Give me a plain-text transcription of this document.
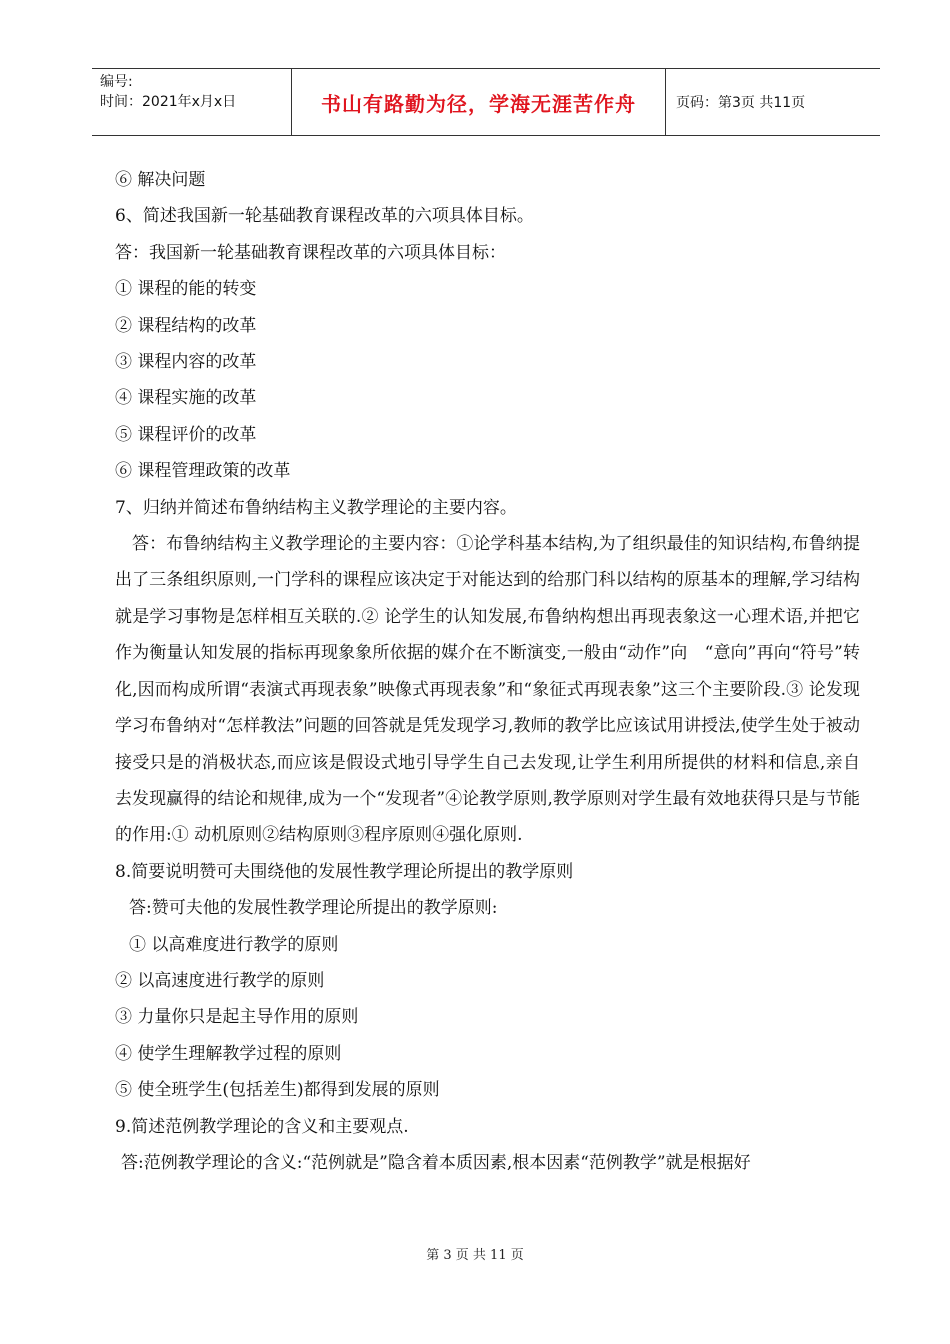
编号:
时间：2021年x月x日	书山有路勤为径，学海无涯苦作舟	页码：第3页 共11页

⑥ 解决问题

6、简述我国新一轮基础教育课程改革的六项具体目标。

答：我国新一轮基础教育课程改革的六项具体目标：

① 课程的能的转变

② 课程结构的改革

③ 课程内容的改革

④ 课程实施的改革

⑤ 课程评价的改革

⑥ 课程管理政策的改革

7、归纳并简述布鲁纳结构主义教学理论的主要内容。

答：布鲁纳结构主义教学理论的主要内容：①论学科基本结构,为了组织最佳的知识结构,布鲁纳提出了三条组织原则,一门学科的课程应该决定于对能达到的给那门科以结构的原基本的理解,学习结构就是学习事物是怎样相互关联的.② 论学生的认知发展,布鲁纳构想出再现表象这一心理术语,并把它作为衡量认知发展的指标再现象象所依据的媒介在不断演变,一般由“动作”向　“意向”再向“符号”转化,因而构成所谓“表演式再现表象”映像式再现表象”和“象征式再现表象”这三个主要阶段.③ 论发现学习布鲁纳对“怎样教法”问题的回答就是凭发现学习,教师的教学比应该试用讲授法,使学生处于被动接受只是的消极状态,而应该是假设式地引导学生自己去发现,让学生利用所提供的材料和信息,亲自去发现赢得的结论和规律,成为一个“发现者”④论教学原则,教学原则对学生最有效地获得只是与节能的作用:① 动机原则②结构原则③程序原则④强化原则.

8.简要说明赞可夫围绕他的发展性教学理论所提出的教学原则

答:赞可夫他的发展性教学理论所提出的教学原则:

① 以高难度进行教学的原则

② 以高速度进行教学的原则

③ 力量你只是起主导作用的原则

④ 使学生理解教学过程的原则

⑤ 使全班学生(包括差生)都得到发展的原则

9.简述范例教学理论的含义和主要观点.

答:范例教学理论的含义:“范例就是”隐含着本质因素,根本因素“范例教学”就是根据好

第 3 页 共 11 页
